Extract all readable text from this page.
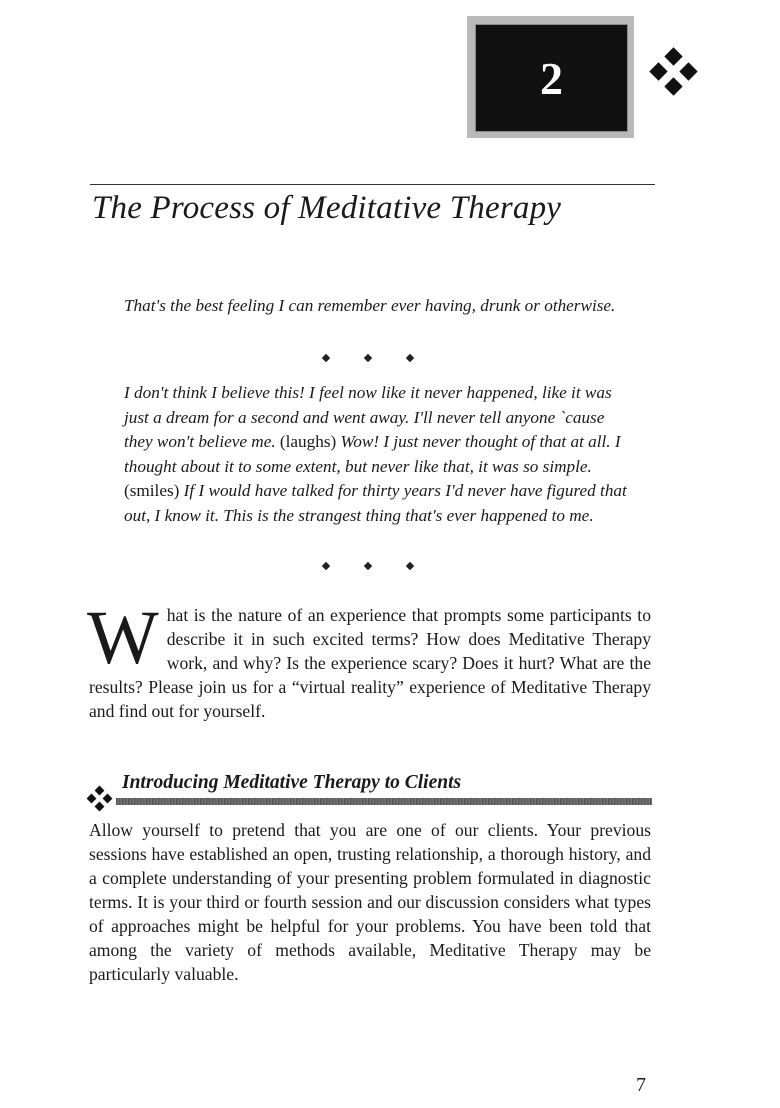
2
The Process of Meditative Therapy
That's the best feeling I can remember ever having, drunk or otherwise.
I don't think I believe this! I feel now like it never happened, like it was just a dream for a second and went away. I'll never tell anyone `cause they won't believe me. (laughs) Wow! I just never thought of that at all. I thought about it to some extent, but never like that, it was so simple. (smiles) If I would have talked for thirty years I'd never have figured that out, I know it. This is the strangest thing that's ever happened to me.
What is the nature of an experience that prompts some participants to describe it in such excited terms? How does Meditative Therapy work, and why? Is the experience scary? Does it hurt? What are the results? Please join us for a “virtual reality” experience of Meditative Therapy and find out for yourself.
Introducing Meditative Therapy to Clients
Allow yourself to pretend that you are one of our clients. Your previous sessions have established an open, trusting relationship, a thorough history, and a complete understanding of your presenting problem formulated in diagnostic terms. It is your third or fourth session and our discussion considers what types of approaches might be helpful for your problems. You have been told that among the variety of methods available, Meditative Therapy may be particularly valuable.
7
